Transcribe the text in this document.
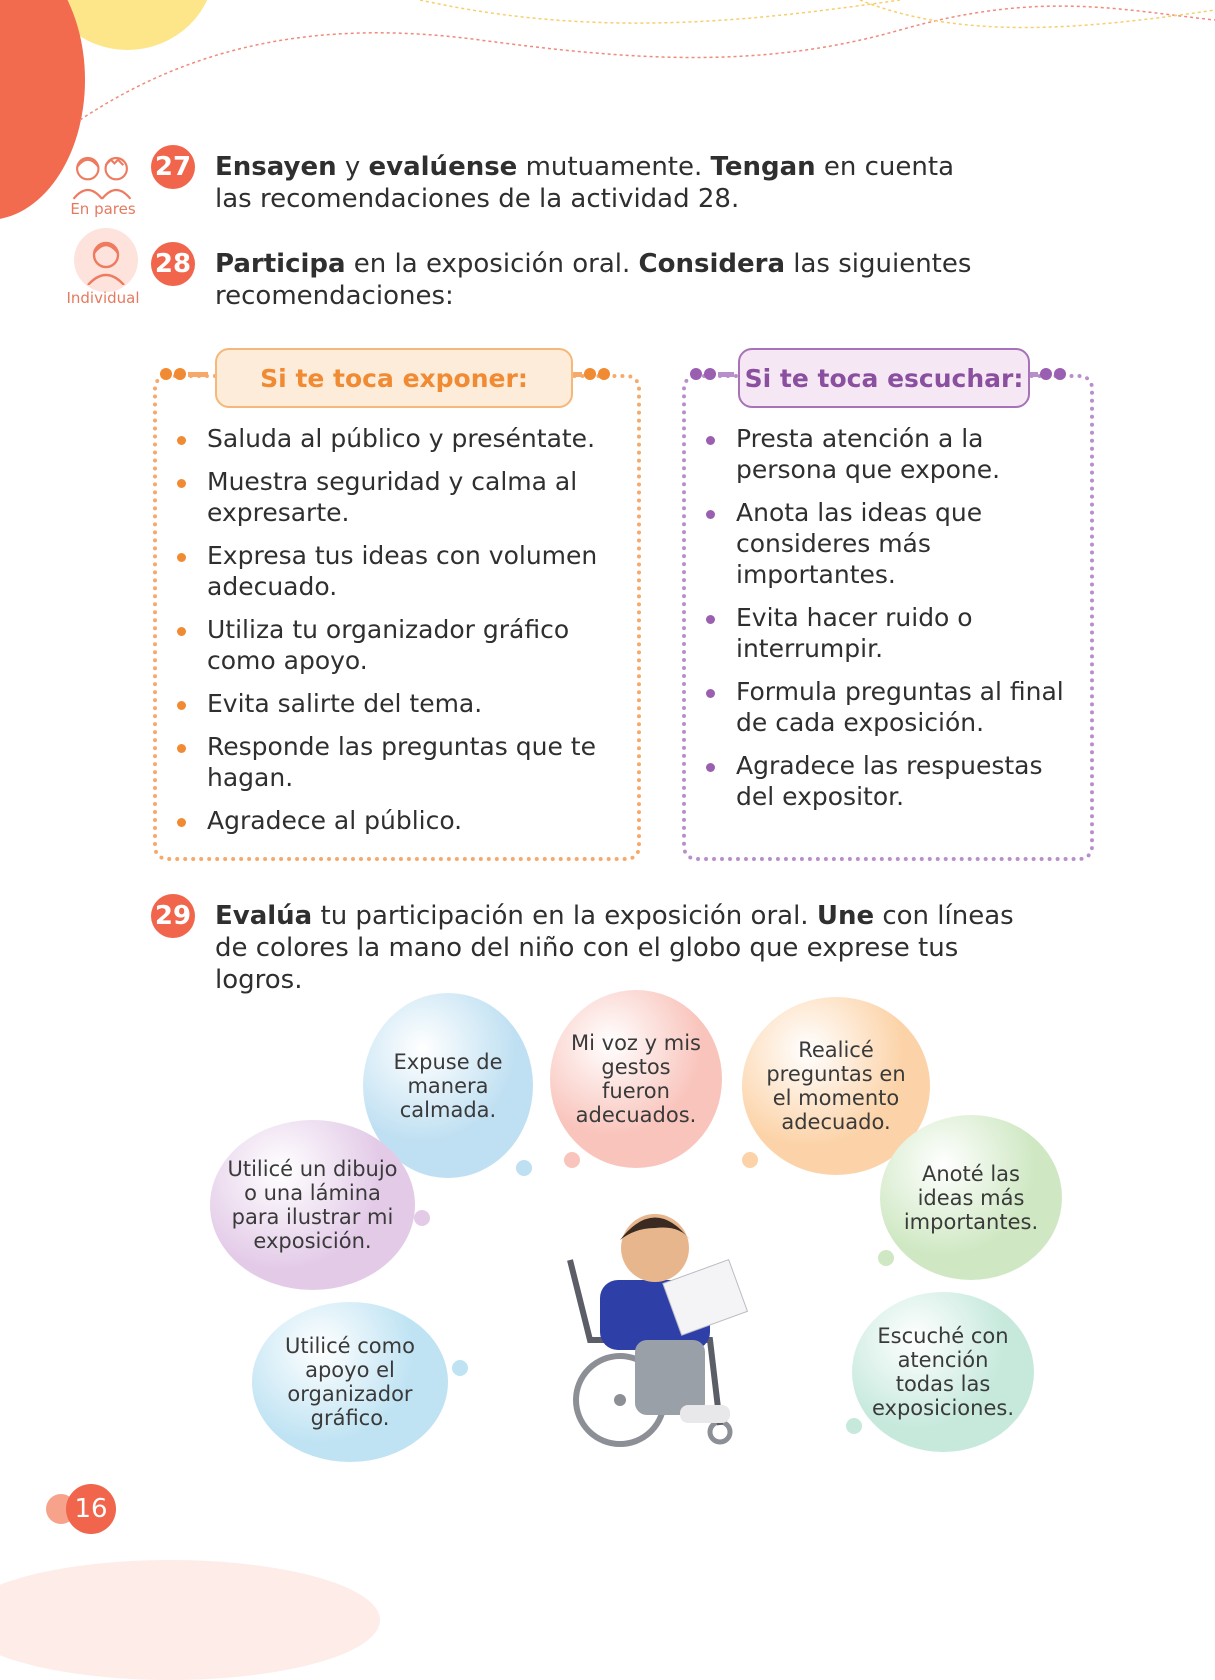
En pares
27 Ensayen y evalúense mutuamente. Tengan en cuenta las recomendaciones de la actividad 28.
Individual
28 Participa en la exposición oral. Considera las siguientes recomendaciones:
Si te toca exponer:
Saluda al público y preséntate.
Muestra seguridad y calma al expresarte.
Expresa tus ideas con volumen adecuado.
Utiliza tu organizador gráfico como apoyo.
Evita salirte del tema.
Responde las preguntas que te hagan.
Agradece al público.
Si te toca escuchar:
Presta atención a la persona que expone.
Anota las ideas que consideres más importantes.
Evita hacer ruido o interrumpir.
Formula preguntas al final de cada exposición.
Agradece las respuestas del expositor.
29 Evalúa tu participación en la exposición oral. Une con líneas de colores la mano del niño con el globo que exprese tus logros.
Expuse de manera calmada.
Mi voz y mis gestos fueron adecuados.
Realicé preguntas en el momento adecuado.
Utilicé un dibujo o una lámina para ilustrar mi exposición.
Anoté las ideas más importantes.
Utilicé como apoyo el organizador gráfico.
Escuché con atención todas las exposiciones.
16
